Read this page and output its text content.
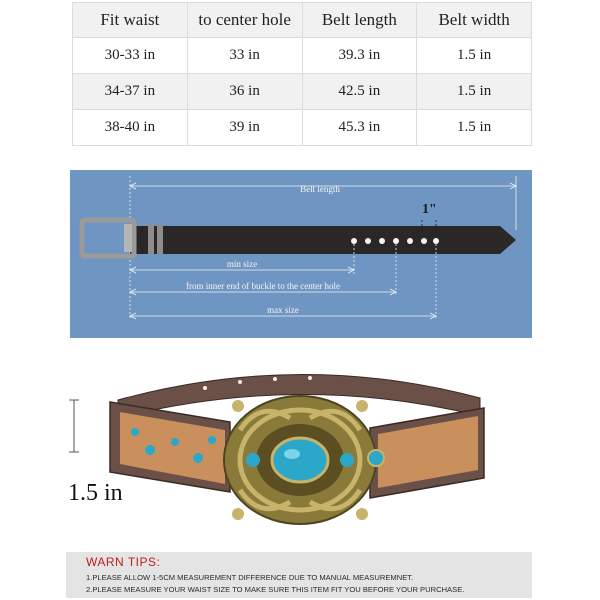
Fit waist	to center hole	Belt length	Belt width
30-33 in	33 in	39.3 in	1.5 in
34-37 in	36 in	42.5 in	1.5 in
38-40 in	39 in	45.3 in	1.5 in
Belt length
1"
min size
from inner end of buckle to the center hole
max size
1.5 in
WARN TIPS:
1.PLEASE ALLOW 1-5CM MEASUREMENT DIFFERENCE DUE TO MANUAL MEASUREMNET.
2.PLEASE MEASURE YOUR WAIST SIZE TO MAKE SURE THIS ITEM FIT YOU BEFORE YOUR PURCHASE.
